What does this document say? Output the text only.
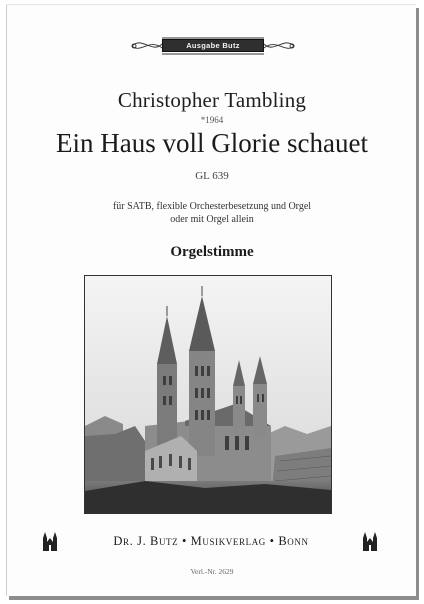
Ausgabe Butz
Christopher Tambling
*1964
Ein Haus voll Glorie schauet
GL 639
für SATB, flexible Orchesterbesetzung und Orgel
oder mit Orgel allein
Orgelstimme
Dr. J. Butz • Musikverlag • Bonn
Verl.-Nr. 2629
